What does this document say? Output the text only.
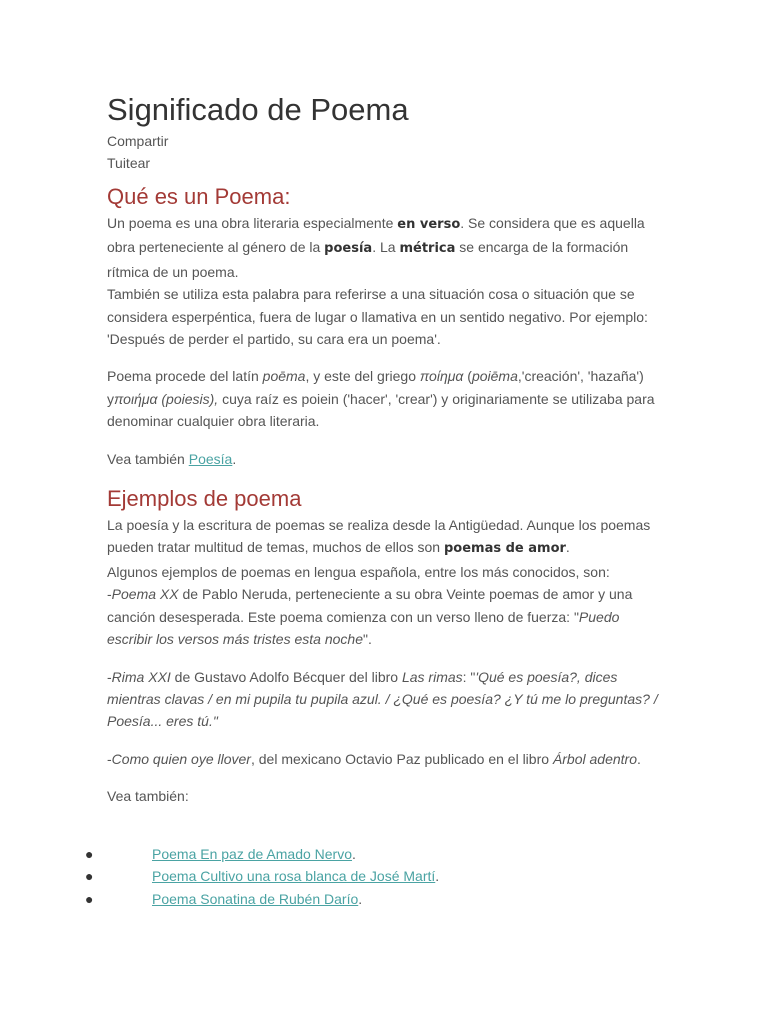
Significado de Poema
Compartir
Tuitear
Qué es un Poema:

Un poema es una obra literaria especialmente en verso. Se considera que es aquella obra perteneciente al género de la poesía. La métrica se encarga de la formación rítmica de un poema.
También se utiliza esta palabra para referirse a una situación cosa o situación que se considera esperpéntica, fuera de lugar o llamativa en un sentido negativo. Por ejemplo: 'Después de perder el partido, su cara era un poema'.

Poema procede del latín poēma, y este del griego ποίημα (poiēma,'creación', 'hazaña') yποιήμα (poiesis), cuya raíz es poiein ('hacer', 'crear') y originariamente se utilizaba para denominar cualquier obra literaria.

Vea también Poesía.

Ejemplos de poema

La poesía y la escritura de poemas se realiza desde la Antigüedad. Aunque los poemas pueden tratar multitud de temas, muchos de ellos son poemas de amor.
Algunos ejemplos de poemas en lengua española, entre los más conocidos, son:
-Poema XX de Pablo Neruda, perteneciente a su obra Veinte poemas de amor y una canción desesperada. Este poema comienza con un verso lleno de fuerza: "Puedo escribir los versos más tristes esta noche".

-Rima XXI de Gustavo Adolfo Bécquer del libro Las rimas: "'Qué es poesía?, dices mientras clavas / en mi pupila tu pupila azul. / ¿Qué es poesía? ¿Y tú me lo preguntas? / Poesía... eres tú."

-Como quien oye llover, del mexicano Octavio Paz publicado en el libro Árbol adentro.

Vea también:

●	Poema En paz de Amado Nervo.
●	Poema Cultivo una rosa blanca de José Martí.
●	Poema Sonatina de Rubén Darío.
